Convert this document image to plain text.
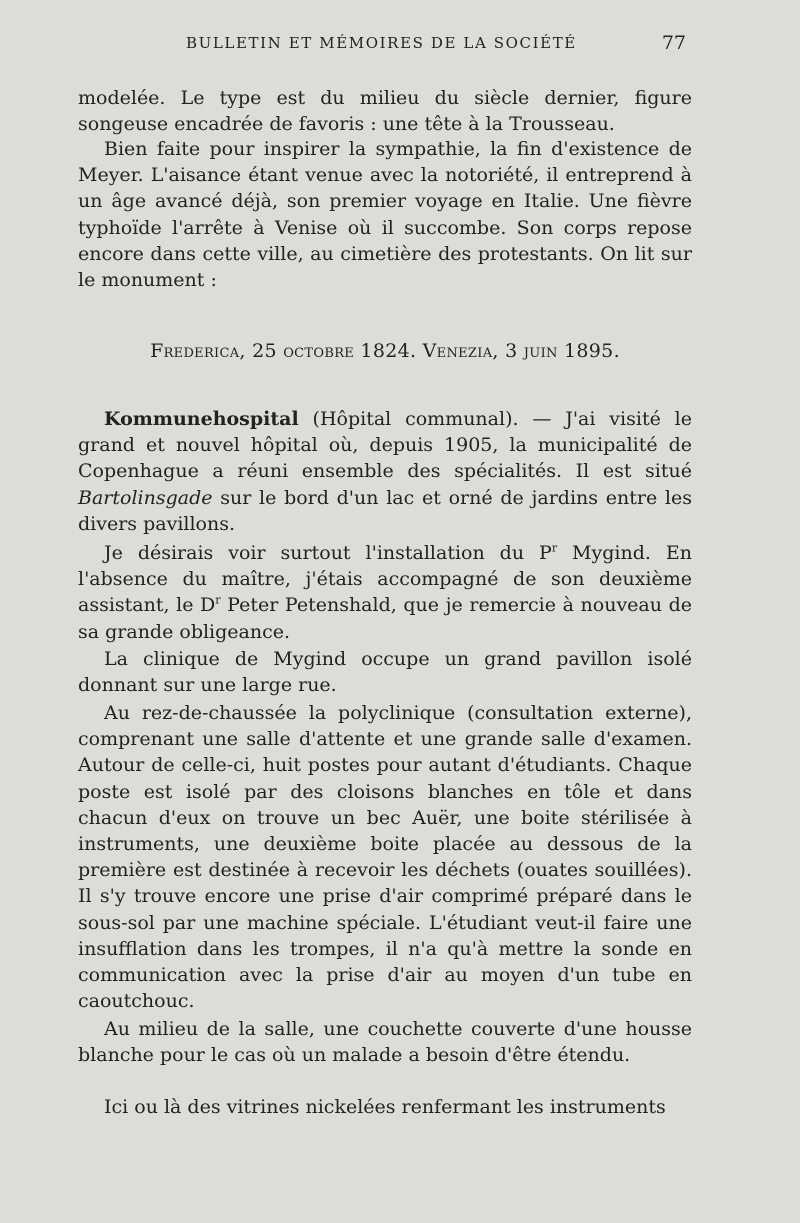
BULLETIN ET MÉMOIRES DE LA SOCIÉTÉ	77

modelée. Le type est du milieu du siècle dernier, figure songeuse encadrée de favoris : une tête à la Trousseau.

Bien faite pour inspirer la sympathie, la fin d'existence de Meyer. L'aisance étant venue avec la notoriété, il entreprend à un âge avancé déjà, son premier voyage en Italie. Une fièvre typhoïde l'arrête à Venise où il succombe. Son corps repose encore dans cette ville, au cimetière des protestants. On lit sur le monument :

Frederica, 25 octobre 1824. Venezia, 3 juin 1895.

Kommunehospital (Hôpital communal). — J'ai visité le grand et nouvel hôpital où, depuis 1905, la municipalité de Copenhague a réuni ensemble des spécialités. Il est situé Bartolinsgade sur le bord d'un lac et orné de jardins entre les divers pavillons.

Je désirais voir surtout l'installation du $P^r$ Mygind. En l'absence du maître, j'étais accompagné de son deuxième assistant, le $D^r$ Peter Petenshald, que je remercie à nouveau de sa grande obligeance.

La clinique de Mygind occupe un grand pavillon isolé donnant sur une large rue.

Au rez-de-chaussée la polyclinique (consultation externe), comprenant une salle d'attente et une grande salle d'examen. Autour de celle-ci, huit postes pour autant d'étudiants. Chaque poste est isolé par des cloisons blanches en tôle et dans chacun d'eux on trouve un bec Auër, une boite stérilisée à instruments, une deuxième boite placée au dessous de la première est destinée à recevoir les déchets (ouates souillées). Il s'y trouve encore une prise d'air comprimé préparé dans le sous-sol par une machine spéciale. L'étudiant veut-il faire une insufflation dans les trompes, il n'a qu'à mettre la sonde en communication avec la prise d'air au moyen d'un tube en caoutchouc.

Au milieu de la salle, une couchette couverte d'une housse blanche pour le cas où un malade a besoin d'être étendu.

Ici ou là des vitrines nickelées renfermant les instruments
